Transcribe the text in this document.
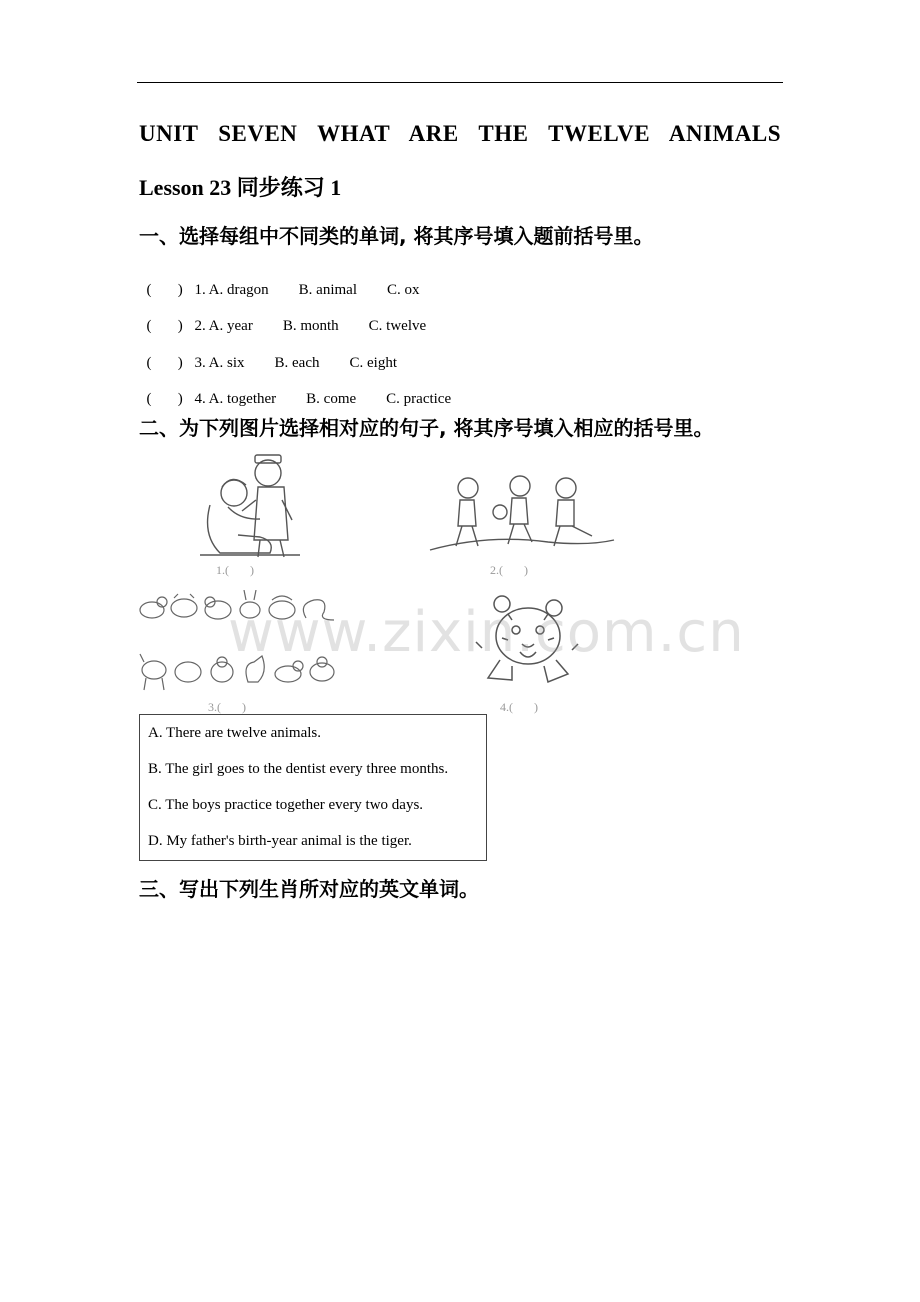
UNIT SEVEN WHAT ARE THE TWELVE ANIMALS
Lesson 23 同步练习 1
一、选择每组中不同类的单词, 将其序号填入题前括号里。

(       ) 1. A. dragon B. animal C. ox

(       ) 2. A. year B. month C. twelve

(       ) 3. A. six B. each C. eight

(       ) 4. A. together B. come C. practice

二、为下列图片选择相对应的句子, 将其序号填入相应的括号里。
1.(       )	2.(       )
3.(       )	4.(       )
www.zixin.com.cn
A. There are twelve animals.
B. The girl goes to the dentist every three months.
C. The boys practice together every two days.
D. My father's birth-year animal is the tiger.
三、写出下列生肖所对应的英文单词。
